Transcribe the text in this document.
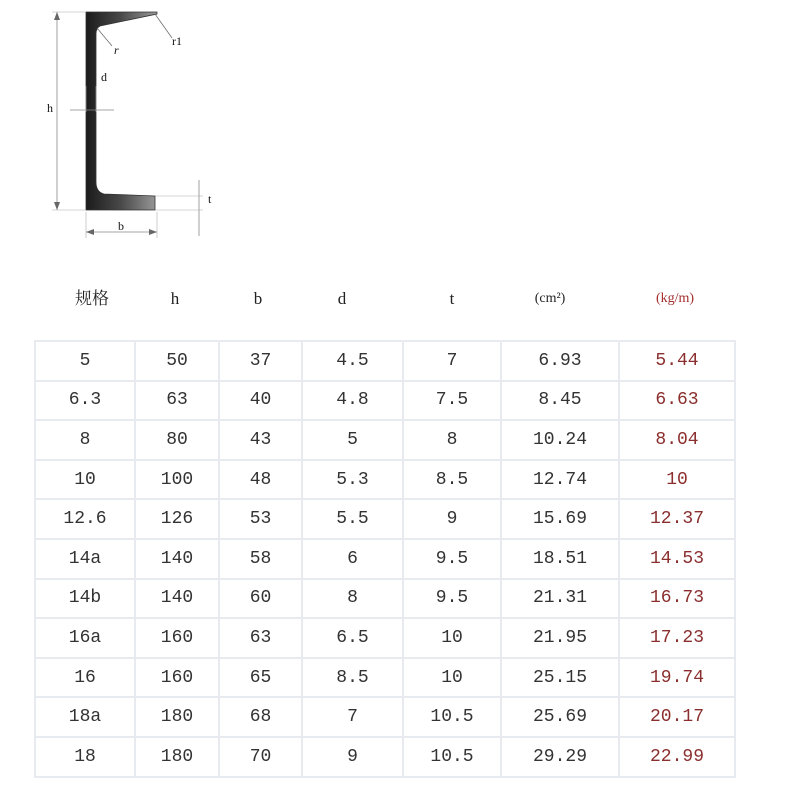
h
d
r
r1
t
b
规格	h	b	d	t	(cm²)	(kg/m)
5	50	37	4.5	7	6.93	5.44
6.3	63	40	4.8	7.5	8.45	6.63
8	80	43	5	8	10.24	8.04
10	100	48	5.3	8.5	12.74	10
12.6	126	53	5.5	9	15.69	12.37
14a	140	58	6	9.5	18.51	14.53
14b	140	60	8	9.5	21.31	16.73
16a	160	63	6.5	10	21.95	17.23
16	160	65	8.5	10	25.15	19.74
18a	180	68	7	10.5	25.69	20.17
18	180	70	9	10.5	29.29	22.99
